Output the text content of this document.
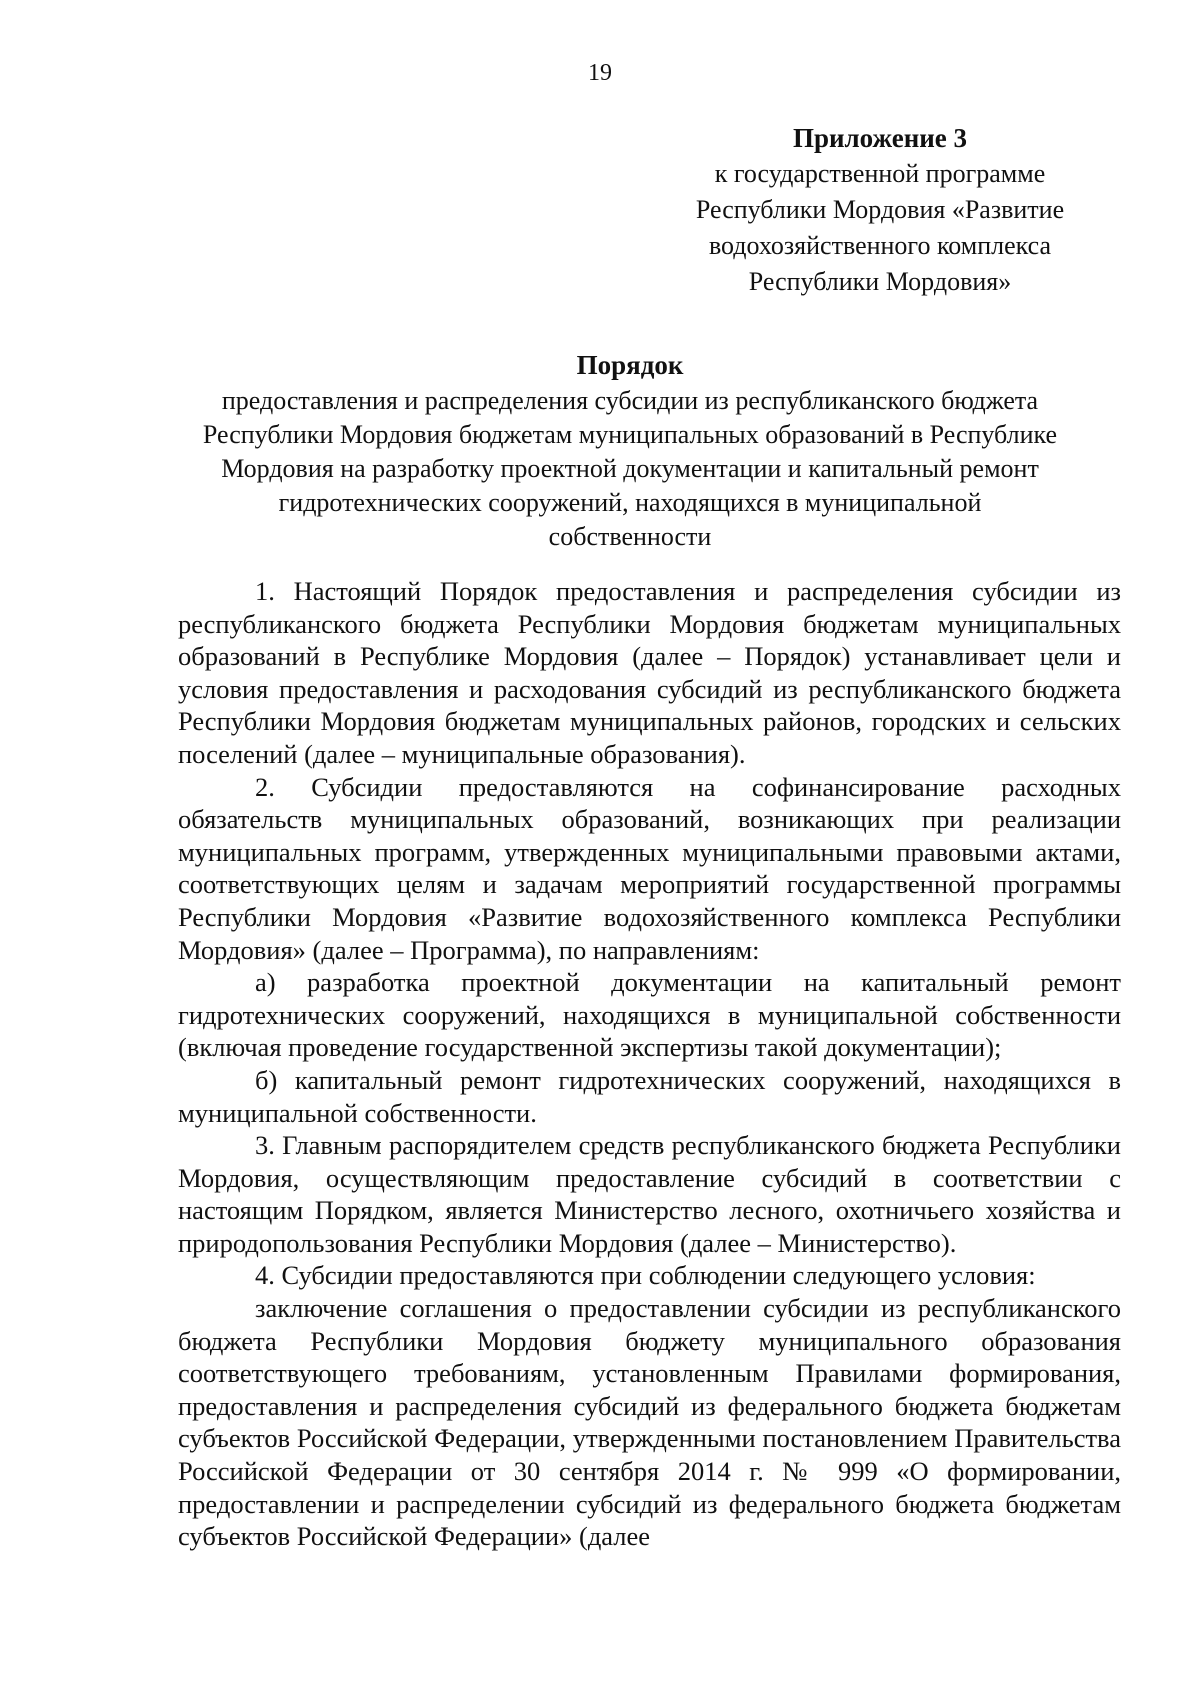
19
Приложение 3
к государственной программе
Республики Мордовия «Развитие
водохозяйственного комплекса
Республики Мордовия»
Порядок
предоставления и распределения субсидии из республиканского бюджета
Республики Мордовия бюджетам муниципальных образований в Республике
Мордовия на разработку проектной документации и капитальный ремонт
гидротехнических сооружений, находящихся в муниципальной
собственности

1. Настоящий Порядок предоставления и распределения субсидии из республиканского бюджета Республики Мордовия бюджетам муниципальных образований в Республике Мордовия (далее – Порядок) устанавливает цели и условия предоставления и расходования субсидий из республиканского бюджета Республики Мордовия бюджетам муниципальных районов, городских и сельских поселений (далее – муниципальные образования).

2. Субсидии предоставляются на софинансирование расходных обязательств муниципальных образований, возникающих при реализации муниципальных программ, утвержденных муниципальными правовыми актами, соответствующих целям и задачам мероприятий государственной программы Республики Мордовия «Развитие водохозяйственного комплекса Республики Мордовия» (далее – Программа), по направлениям:

а) разработка проектной документации на капитальный ремонт гидротехнических сооружений, находящихся в муниципальной собственности (включая проведение государственной экспертизы такой документации);

б) капитальный ремонт гидротехнических сооружений, находящихся в муниципальной собственности.

3. Главным распорядителем средств республиканского бюджета Республики Мордовия, осуществляющим предоставление субсидий в соответствии с настоящим Порядком, является Министерство лесного, охотничьего хозяйства и природопользования Республики Мордовия (далее – Министерство).

4. Субсидии предоставляются при соблюдении следующего условия:

заключение соглашения о предоставлении субсидии из республиканского бюджета Республики Мордовия бюджету муниципального образования соответствующего требованиям, установленным Правилами формирования, предоставления и распределения субсидий из федерального бюджета бюджетам субъектов Российской Федерации, утвержденными постановлением Правительства Российской Федерации от 30 сентября 2014 г. № 999 «О формировании, предоставлении и распределении субсидий из федерального бюджета бюджетам субъектов Российской Федерации» (далее
